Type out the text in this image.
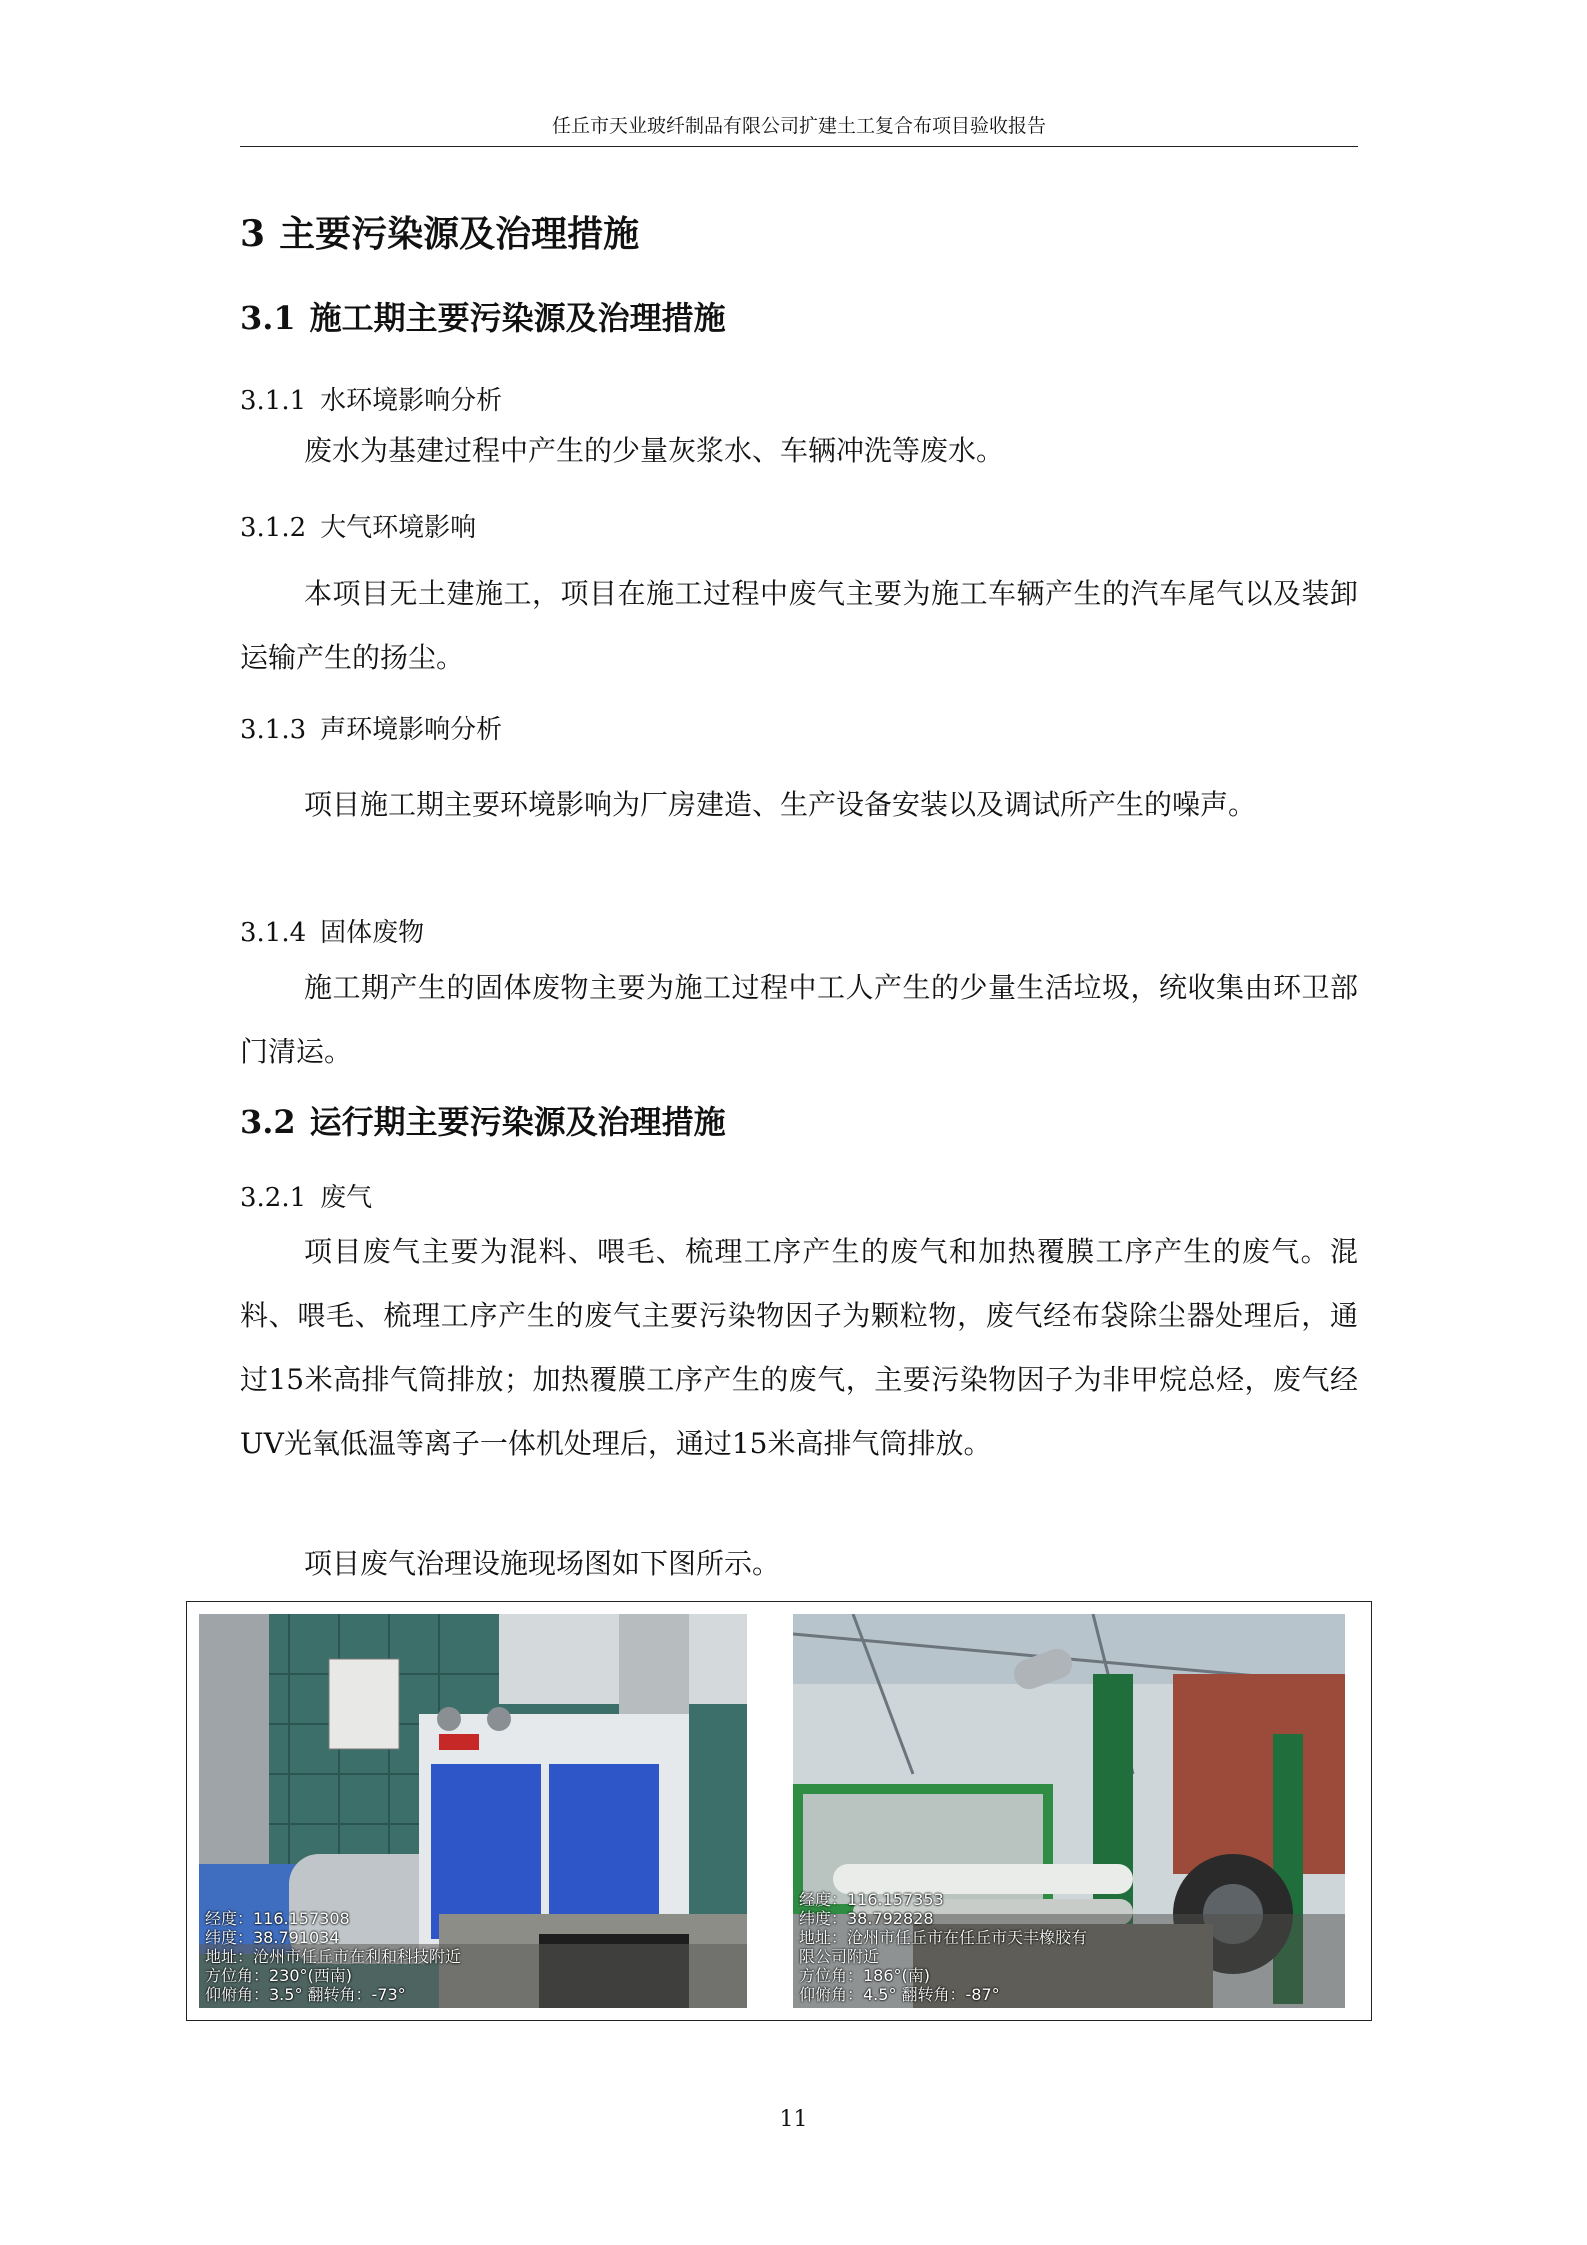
任丘市天业玻纤制品有限公司扩建土工复合布项目验收报告
3 主要污染源及治理措施
3.1 施工期主要污染源及治理措施
3.1.1 水环境影响分析
废水为基建过程中产生的少量灰浆水、车辆冲洗等废水。
3.1.2 大气环境影响
本项目无土建施工，项目在施工过程中废气主要为施工车辆产生的汽车尾气以及装卸运输产生的扬尘。
3.1.3 声环境影响分析
项目施工期主要环境影响为厂房建造、生产设备安装以及调试所产生的噪声。
3.1.4 固体废物
施工期产生的固体废物主要为施工过程中工人产生的少量生活垃圾，统收集由环卫部门清运。
3.2 运行期主要污染源及治理措施
3.2.1 废气
项目废气主要为混料、喂毛、梳理工序产生的废气和加热覆膜工序产生的废气。混料、喂毛、梳理工序产生的废气主要污染物因子为颗粒物，废气经布袋除尘器处理后，通过15米高排气筒排放；加热覆膜工序产生的废气，主要污染物因子为非甲烷总烃，废气经UV光氧低温等离子一体机处理后，通过15米高排气筒排放。
项目废气治理设施现场图如下图所示。
经度：116.157308
纬度：38.791034
地址：沧州市任丘市在利和科技附近
方位角：230°(西南)
仰俯角：3.5° 翻转角：-73°
经度：116.157353
纬度：38.792828
地址：沧州市任丘市在任丘市天丰橡胶有
限公司附近
方位角：186°(南)
仰俯角：4.5° 翻转角：-87°
11
